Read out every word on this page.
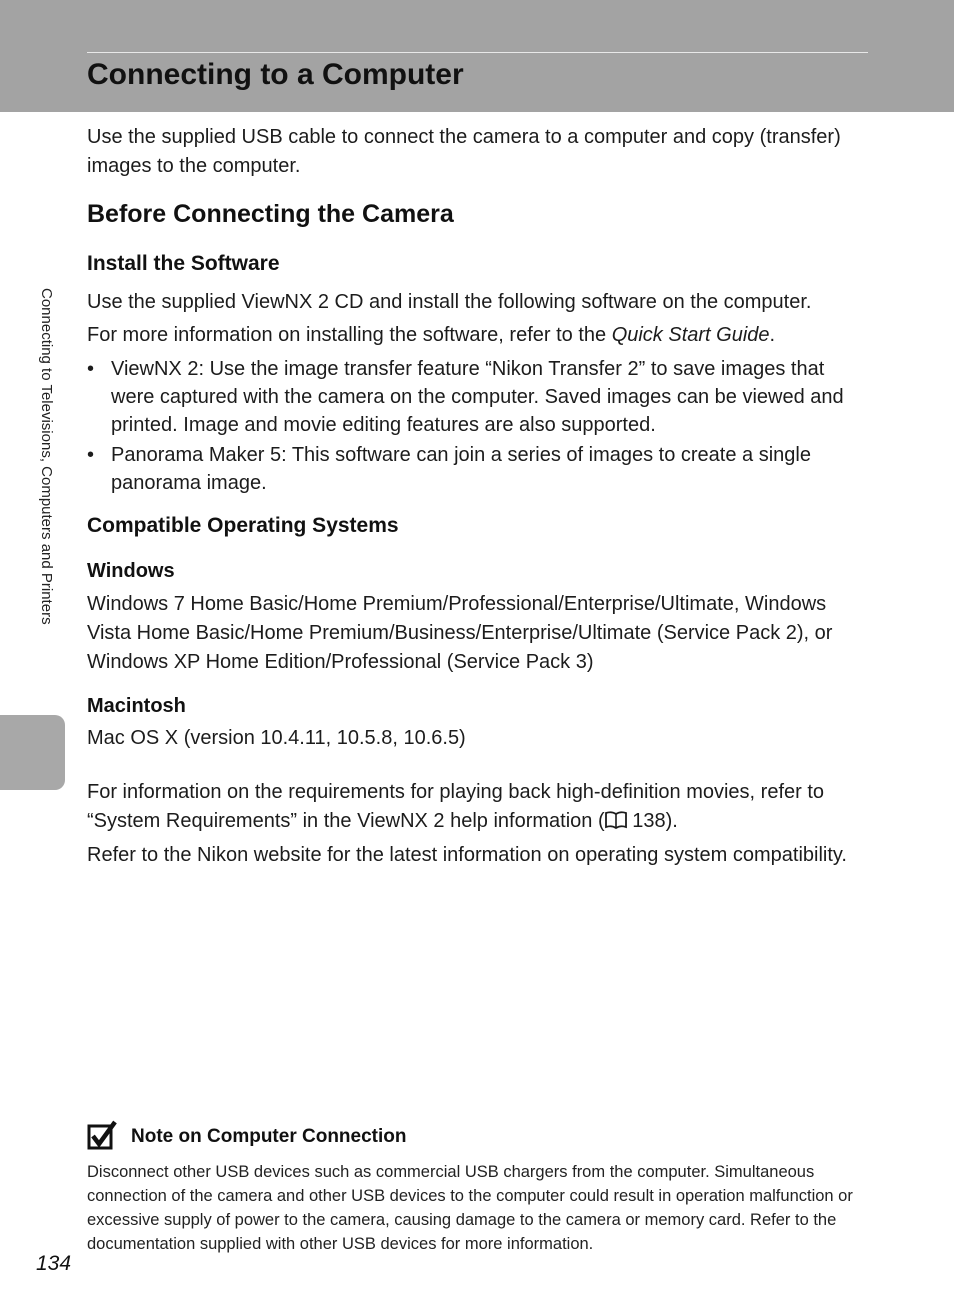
Connecting to a Computer
Connecting to Televisions, Computers and Printers

Use the supplied USB cable to connect the camera to a computer and copy (transfer) images to the computer.

Before Connecting the Camera
Install the Software

Use the supplied ViewNX 2 CD and install the following software on the computer.

For more information on installing the software, refer to the Quick Start Guide.

• ViewNX 2: Use the image transfer feature “Nikon Transfer 2” to save images that were captured with the camera on the computer. Saved images can be viewed and printed. Image and movie editing features are also supported.
• Panorama Maker 5: This software can join a series of images to create a single panorama image.
Compatible Operating Systems
Windows

Windows 7 Home Basic/Home Premium/Professional/Enterprise/Ultimate, Windows Vista Home Basic/Home Premium/Business/Enterprise/Ultimate (Service Pack 2), or Windows XP Home Edition/Professional (Service Pack 3)

Macintosh

Mac OS X (version 10.4.11, 10.5.8, 10.6.5)

For information on the requirements for playing back high-definition movies, refer to “System Requirements” in the ViewNX 2 help information ( 138).

Refer to the Nikon website for the latest information on operating system compatibility.

Note on Computer Connection

Disconnect other USB devices such as commercial USB chargers from the computer. Simultaneous connection of the camera and other USB devices to the computer could result in operation malfunction or excessive supply of power to the camera, causing damage to the camera or memory card. Refer to the documentation supplied with other USB devices for more information.

134
